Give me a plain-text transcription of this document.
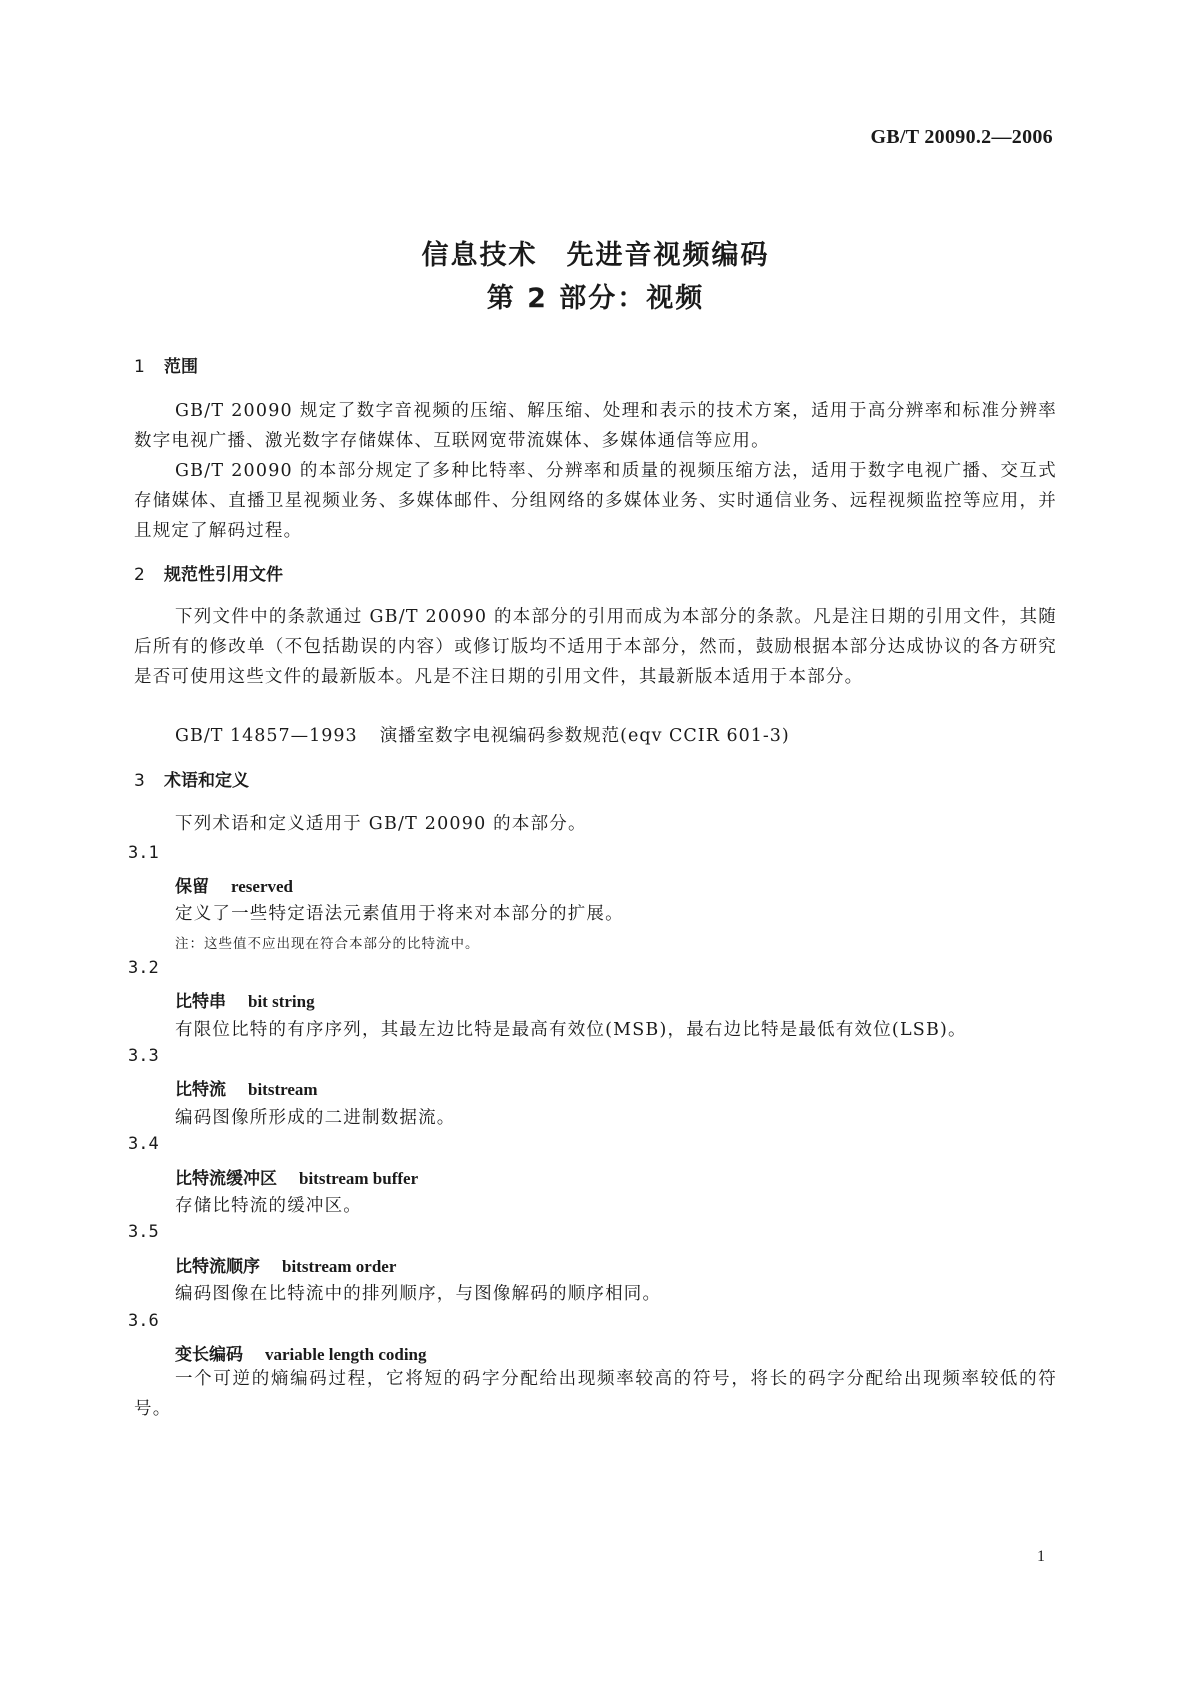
GB/T 20090.2—2006
信息技术　先进音视频编码
第 2 部分：视频
1 范围
GB/T 20090 规定了数字音视频的压缩、解压缩、处理和表示的技术方案，适用于高分辨率和标准分辨率数字电视广播、激光数字存储媒体、互联网宽带流媒体、多媒体通信等应用。
GB/T 20090 的本部分规定了多种比特率、分辨率和质量的视频压缩方法，适用于数字电视广播、交互式存储媒体、直播卫星视频业务、多媒体邮件、分组网络的多媒体业务、实时通信业务、远程视频监控等应用，并且规定了解码过程。
2 规范性引用文件
下列文件中的条款通过 GB/T 20090 的本部分的引用而成为本部分的条款。凡是注日期的引用文件，其随后所有的修改单（不包括勘误的内容）或修订版均不适用于本部分，然而，鼓励根据本部分达成协议的各方研究是否可使用这些文件的最新版本。凡是不注日期的引用文件，其最新版本适用于本部分。
GB/T 14857—1993 演播室数字电视编码参数规范(eqv CCIR 601-3)
3 术语和定义
下列术语和定义适用于 GB/T 20090 的本部分。
3.1
保留 reserved
定义了一些特定语法元素值用于将来对本部分的扩展。
注：这些值不应出现在符合本部分的比特流中。
3.2
比特串 bit string
有限位比特的有序序列，其最左边比特是最高有效位(MSB)，最右边比特是最低有效位(LSB)。
3.3
比特流 bitstream
编码图像所形成的二进制数据流。
3.4
比特流缓冲区 bitstream buffer
存储比特流的缓冲区。
3.5
比特流顺序 bitstream order
编码图像在比特流中的排列顺序，与图像解码的顺序相同。
3.6
变长编码 variable length coding
一个可逆的熵编码过程，它将短的码字分配给出现频率较高的符号，将长的码字分配给出现频率较低的符号。
1
